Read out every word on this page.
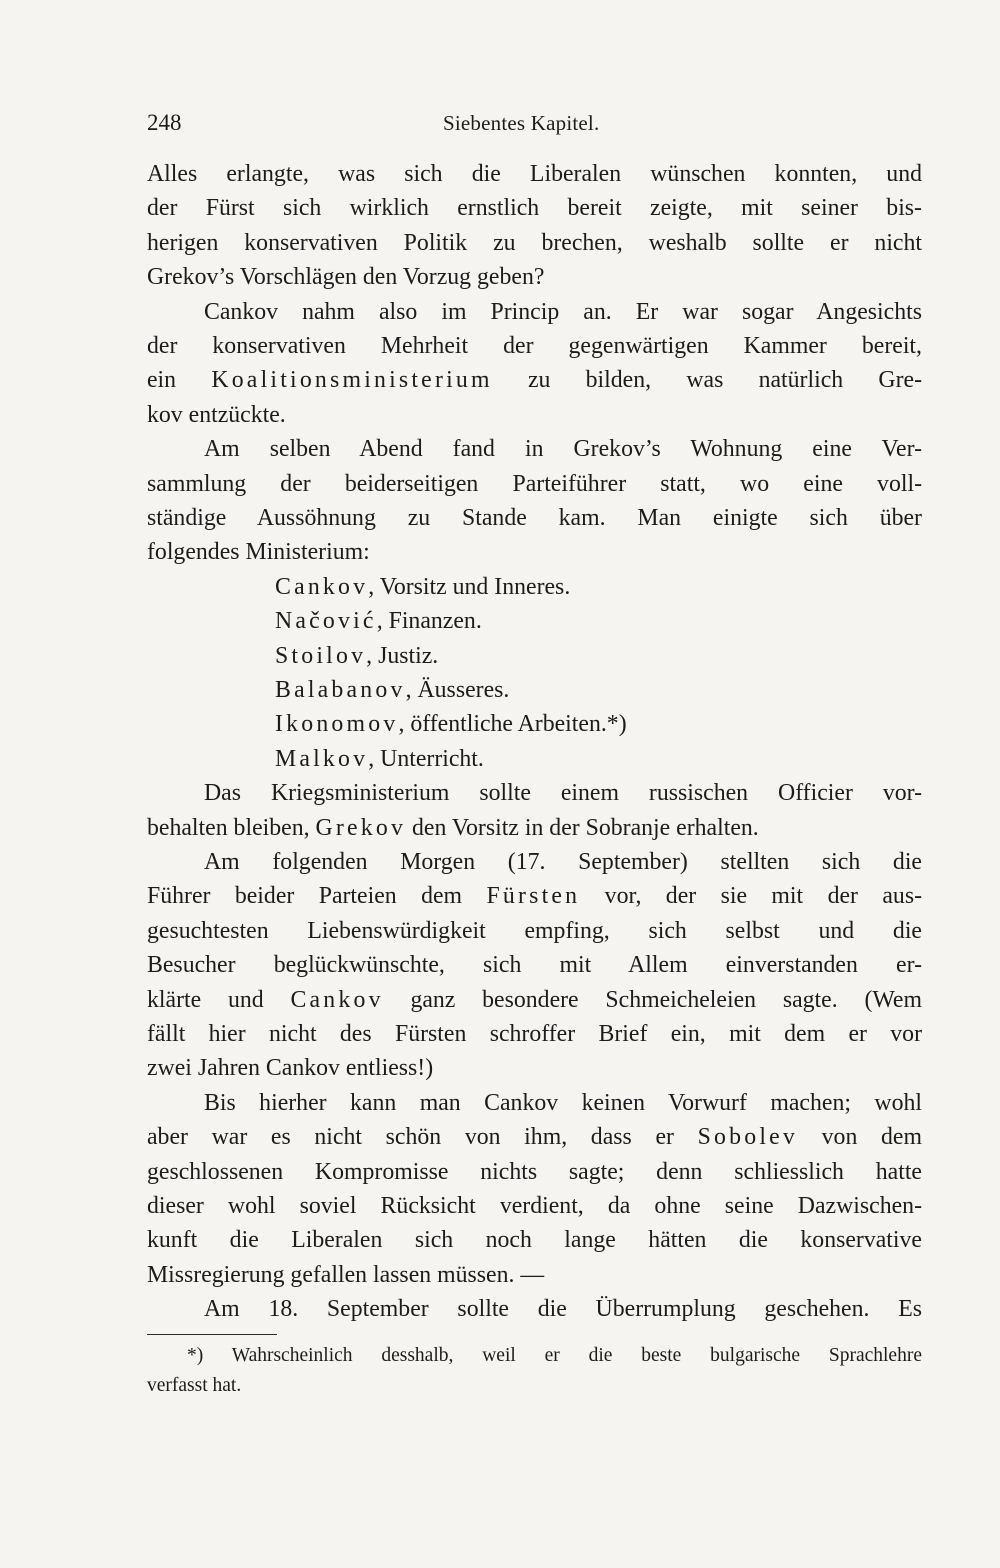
248	Siebentes Kapitel.
Alles erlangte, was sich die Liberalen wünschen konnten, und
der Fürst sich wirklich ernstlich bereit zeigte, mit seiner bis-
herigen konservativen Politik zu brechen, weshalb sollte er nicht
Grekov’s Vorschlägen den Vorzug geben?
Cankov nahm also im Princip an. Er war sogar Angesichts
der konservativen Mehrheit der gegenwärtigen Kammer bereit,
ein Koalitionsministerium zu bilden, was natürlich Gre-
kov entzückte.
Am selben Abend fand in Grekov’s Wohnung eine Ver-
sammlung der beiderseitigen Parteiführer statt, wo eine voll-
ständige Aussöhnung zu Stande kam. Man einigte sich über
folgendes Ministerium:
Cankov, Vorsitz und Inneres.
Načović, Finanzen.
Stoilov, Justiz.
Balabanov, Äusseres.
Ikonomov, öffentliche Arbeiten.*)
Malkov, Unterricht.
Das Kriegsministerium sollte einem russischen Officier vor-
behalten bleiben, Grekov den Vorsitz in der Sobranje erhalten.
Am folgenden Morgen (17. September) stellten sich die
Führer beider Parteien dem Fürsten vor, der sie mit der aus-
gesuchtesten Liebenswürdigkeit empfing, sich selbst und die
Besucher beglückwünschte, sich mit Allem einverstanden er-
klärte und Cankov ganz besondere Schmeicheleien sagte. (Wem
fällt hier nicht des Fürsten schroffer Brief ein, mit dem er vor
zwei Jahren Cankov entliess!)
Bis hierher kann man Cankov keinen Vorwurf machen; wohl
aber war es nicht schön von ihm, dass er Sobolev von dem
geschlossenen Kompromisse nichts sagte; denn schliesslich hatte
dieser wohl soviel Rücksicht verdient, da ohne seine Dazwischen-
kunft die Liberalen sich noch lange hätten die konservative
Missregierung gefallen lassen müssen. —
Am 18. September sollte die Überrumplung geschehen. Es
*) Wahrscheinlich desshalb, weil er die beste bulgarische Sprachlehre
verfasst hat.
